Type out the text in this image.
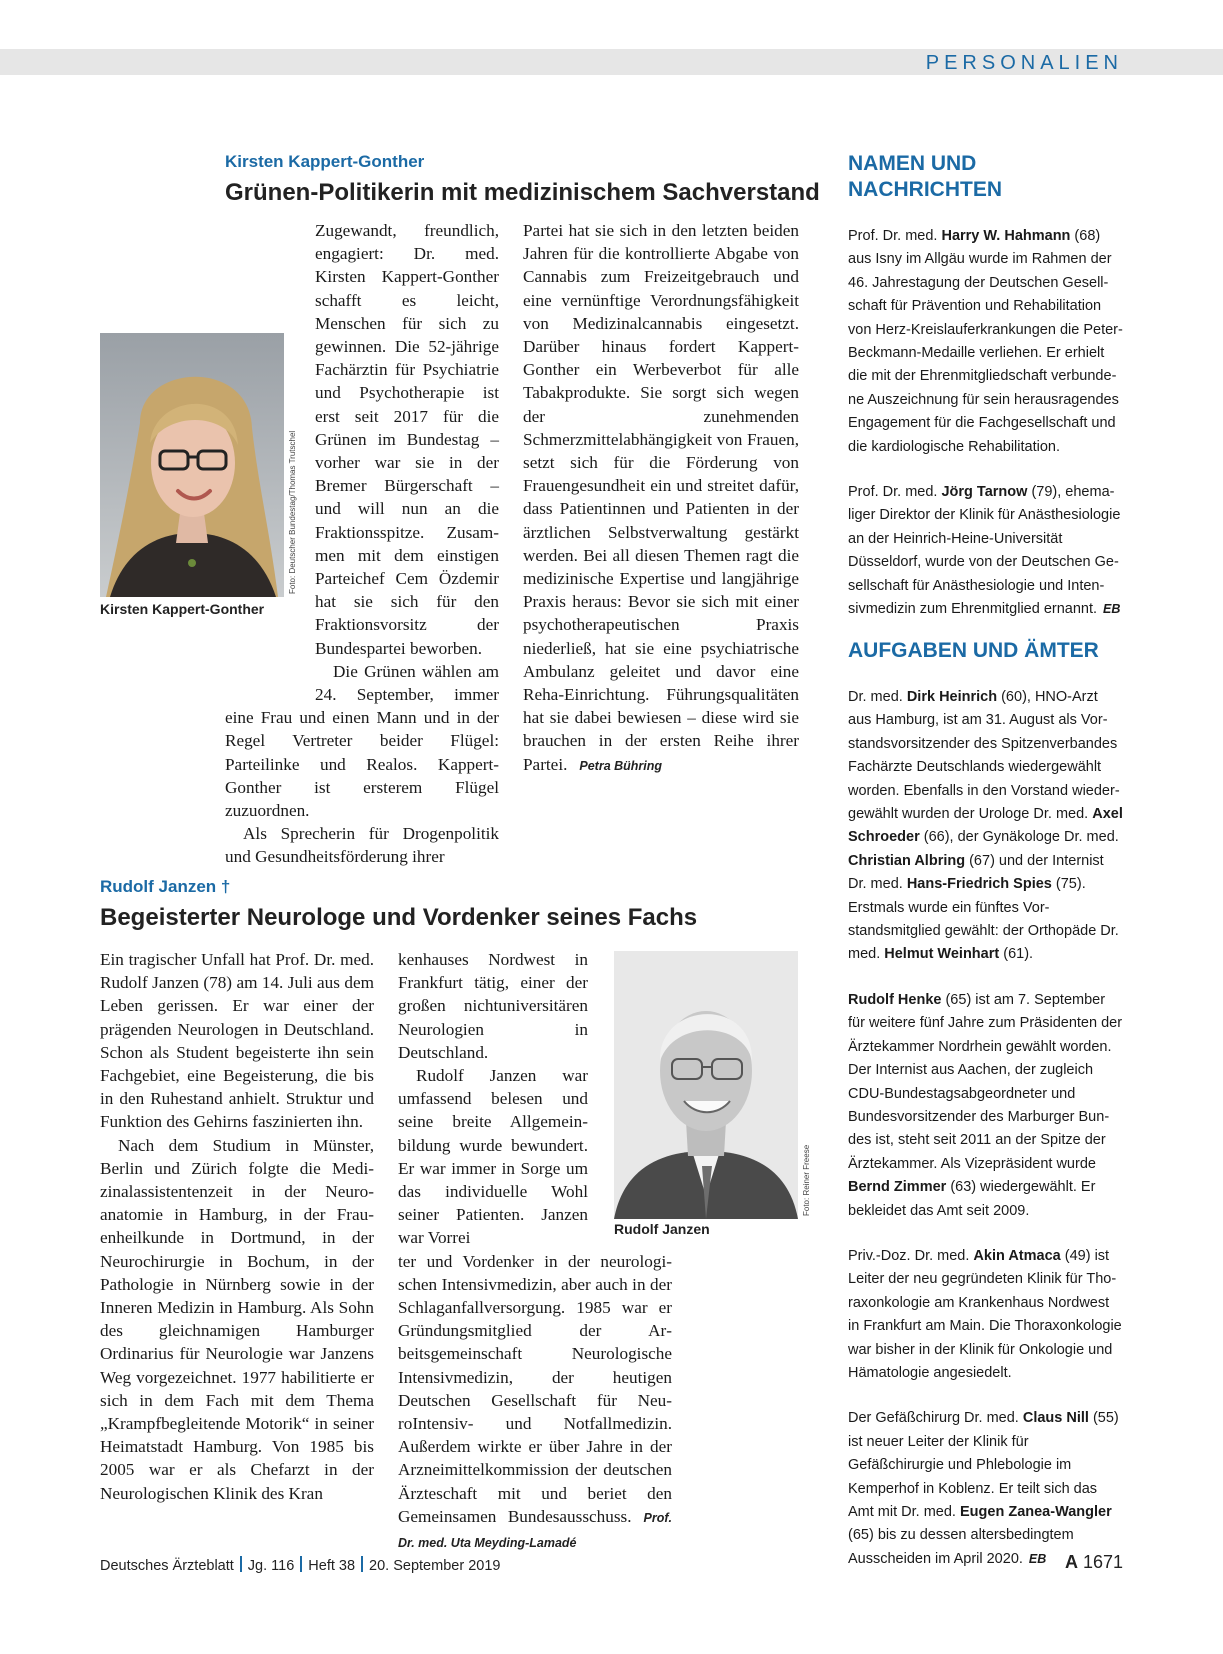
PERSONALIEN
Kirsten Kappert-Gonther
Grünen-Politikerin mit medizinischem Sachverstand
Foto: Deutscher Bundestag/Thomas Trutschel
Kirsten Kappert-Gonther

Zugewandt, freundlich, engagiert: Dr. med. Kirsten Kappert-Gonther schafft es leicht, Menschen für sich zu gewinnen. Die 52-jährige Fachärztin für Psychiatrie und Psychotherapie ist erst seit 2017 für die Grünen im Bundestag – vorher war sie in der Bremer Bürgerschaft – und will nun an die Fraktionsspitze. Zusammen mit dem einstigen Parteichef Cem Özdemir hat sie sich für den Fraktionsvorsitz der Bundespartei beworben.

Die Grünen wählen am 24. September, immer eine Frau und einen Mann und in der Regel Vertreter beider Flügel: Parteilinke und Realos. Kappert-Gonther ist ersterem Flügel zuzuordnen.

Als Sprecherin für Drogenpolitik und Gesundheitsförderung ihrer

Partei hat sie sich in den letzten beiden Jahren für die kontrollierte Abgabe von Cannabis zum Freizeitgebrauch und eine vernünftige Verordnungsfähigkeit von Medizinalcannabis eingesetzt. Darüber hinaus fordert Kappert-Gonther ein Werbeverbot für alle Tabakprodukte. Sie sorgt sich wegen der zunehmenden Schmerzmittelabhängigkeit von Frauen, setzt sich für die Förderung von Frauengesundheit ein und streitet dafür, dass Patientinnen und Patienten in der ärztlichen Selbstverwaltung gestärkt werden. Bei all diesen Themen ragt die medizinische Expertise und langjährige Praxis heraus: Bevor sie sich mit einer psychotherapeutischen Praxis niederließ, hat sie eine psychiatrische Ambulanz geleitet und davor eine Reha-Einrichtung. Führungsqualitäten hat sie dabei bewiesen – diese wird sie brauchen in der ersten Reihe ihrer Partei. Petra Bühring

Rudolf Janzen †
Begeisterter Neurologe und Vordenker seines Fachs

Ein tragischer Unfall hat Prof. Dr. med. Rudolf Janzen (78) am 14. Juli aus dem Leben gerissen. Er war einer der prägenden Neurologen in Deutschland. Schon als Student begeisterte ihn sein Fachgebiet, eine Begeisterung, die bis in den Ruhestand anhielt. Struktur und Funktion des Gehirns faszinierten ihn.

Nach dem Studium in Münster, Berlin und Zürich folgte die Medizinalassistentenzeit in der Neuroanatomie in Hamburg, in der Frauenheilkunde in Dortmund, in der Neurochirurgie in Bochum, in der Pathologie in Nürnberg sowie in der Inneren Medizin in Hamburg. Als Sohn des gleichnamigen Hamburger Ordinarius für Neurologie war Janzens Weg vorgezeichnet. 1977 habilitierte er sich in dem Fach mit dem Thema „Krampfbegleitende Motorik“ in seiner Heimatstadt Hamburg. Von 1985 bis 2005 war er als Chefarzt in der Neurologischen Klinik des Kran

Foto: Reiner Freese
Rudolf Janzen

kenhauses Nordwest in Frankfurt tätig, einer der großen nichtuniversitären Neurologien in Deutschland.

Rudolf Janzen war umfassend belesen und seine breite Allgemeinbildung wurde bewundert. Er war immer in Sorge um das individuelle Wohl seiner Patienten. Janzen war Vorrei

ter und Vordenker in der neurologischen Intensivmedizin, aber auch in der Schlaganfallversorgung. 1985 war er Gründungsmitglied der Arbeitsgemeinschaft Neurologische Intensivmedizin, der heutigen Deutschen Gesellschaft für NeuroIntensiv- und Notfallmedizin. Außerdem wirkte er über Jahre in der Arzneimittelkommission der deutschen Ärzteschaft mit und beriet den Gemeinsamen Bundesausschuss. Prof. Dr. med. Uta Meyding-Lamadé

NAMEN UND NACHRICHTEN

Prof. Dr. med. Harry W. Hahmann (68) aus Isny im Allgäu wurde im Rahmen der 46. Jahrestagung der Deutschen Gesellschaft für Prävention und Rehabilitation von Herz-Kreislauferkrankungen die Peter-Beckmann-Medaille verliehen. Er erhielt die mit der Ehrenmitgliedschaft verbundene Auszeichnung für sein herausragendes Engagement für die Fachgesellschaft und die kardiologische Rehabilitation.

Prof. Dr. med. Jörg Tarnow (79), ehemaliger Direktor der Klinik für Anästhesiologie an der Heinrich-Heine-Universität Düsseldorf, wurde von der Deutschen Gesellschaft für Anästhesiologie und Intensivmedizin zum Ehrenmitglied ernannt. EB

AUFGABEN UND ÄMTER

Dr. med. Dirk Heinrich (60), HNO-Arzt aus Hamburg, ist am 31. August als Vorstandsvorsitzender des Spitzenverbandes Fachärzte Deutschlands wiedergewählt worden. Ebenfalls in den Vorstand wiedergewählt wurden der Urologe Dr. med. Axel Schroeder (66), der Gynäkologe Dr. med. Christian Albring (67) und der Internist Dr. med. Hans-Friedrich Spies (75). Erstmals wurde ein fünftes Vorstandsmitglied gewählt: der Orthopäde Dr. med. Helmut Weinhart (61).

Rudolf Henke (65) ist am 7. September für weitere fünf Jahre zum Präsidenten der Ärztekammer Nordrhein gewählt worden. Der Internist aus Aachen, der zugleich CDU-Bundestagsabgeordneter und Bundesvorsitzender des Marburger Bundes ist, steht seit 2011 an der Spitze der Ärztekammer. Als Vizepräsident wurde Bernd Zimmer (63) wiedergewählt. Er bekleidet das Amt seit 2009.

Priv.-Doz. Dr. med. Akin Atmaca (49) ist Leiter der neu gegründeten Klinik für Thoraxonkologie am Krankenhaus Nordwest in Frankfurt am Main. Die Thoraxonkologie war bisher in der Klinik für Onkologie und Hämatologie angesiedelt.

Der Gefäßchirurg Dr. med. Claus Nill (55) ist neuer Leiter der Klinik für Gefäßchirurgie und Phlebologie im Kemperhof in Koblenz. Er teilt sich das Amt mit Dr. med. Eugen Zanea-Wangler (65) bis zu dessen altersbedingtem Ausscheiden im April 2020. EB

Deutsches Ärzteblatt Jg. 116 Heft 38 20. September 2019	A 1671
